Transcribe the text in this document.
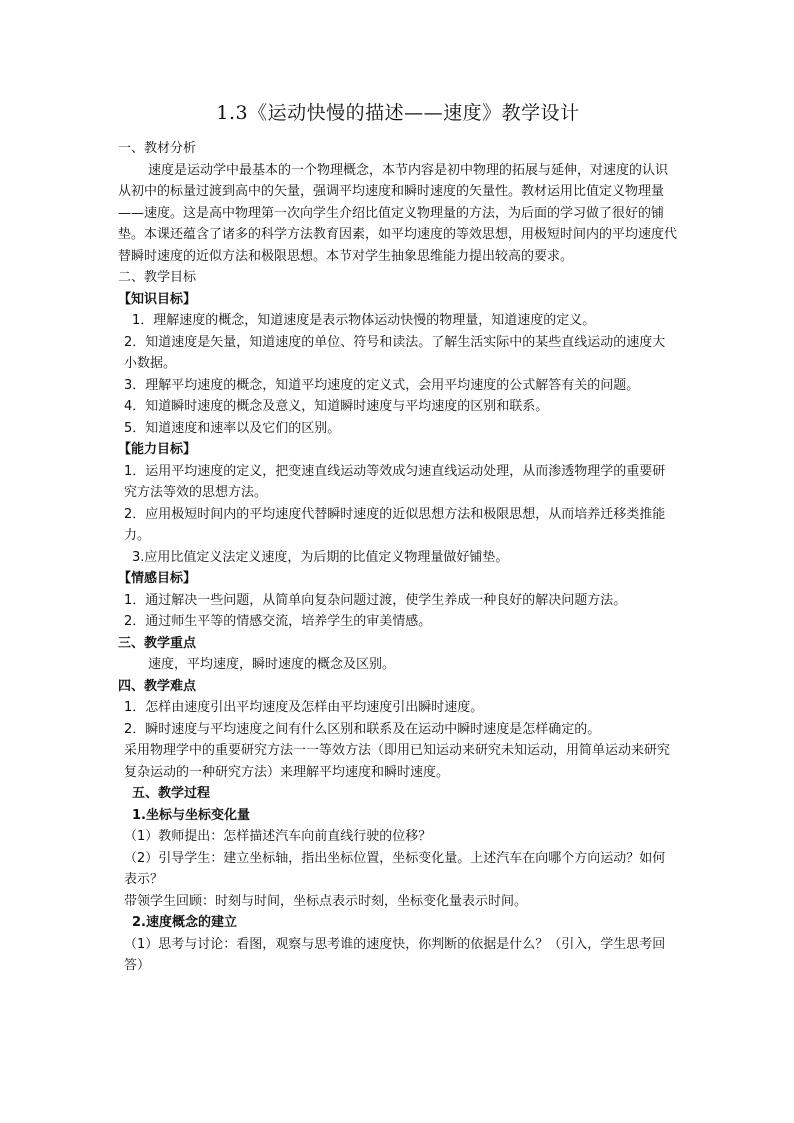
1.3《运动快慢的描述——速度》教学设计

一、教材分析

速度是运动学中最基本的一个物理概念，本节内容是初中物理的拓展与延伸，对速度的认识从初中的标量过渡到高中的矢量，强调平均速度和瞬时速度的矢量性。教材运用比值定义物理量——速度。这是高中物理第一次向学生介绍比值定义物理量的方法，为后面的学习做了很好的铺垫。本课还蕴含了诸多的科学方法教育因素，如平均速度的等效思想，用极短时间内的平均速度代替瞬时速度的近似方法和极限思想。本节对学生抽象思维能力提出较高的要求。

二、教学目标

【知识目标】

1．理解速度的概念，知道速度是表示物体运动快慢的物理量，知道速度的定义。

2．知道速度是矢量，知道速度的单位、符号和读法。了解生活实际中的某些直线运动的速度大小数据。

3．理解平均速度的概念，知道平均速度的定义式，会用平均速度的公式解答有关的问题。

4．知道瞬时速度的概念及意义，知道瞬时速度与平均速度的区别和联系。

5．知道速度和速率以及它们的区别。

【能力目标】

1．运用平均速度的定义，把变速直线运动等效成匀速直线运动处理，从而渗透物理学的重要研究方法等效的思想方法。

2．应用极短时间内的平均速度代替瞬时速度的近似思想方法和极限思想，从而培养迁移类推能力。

3.应用比值定义法定义速度，为后期的比值定义物理量做好铺垫。

【情感目标】

1．通过解决一些问题，从简单向复杂问题过渡，使学生养成一种良好的解决问题方法。

2．通过师生平等的情感交流，培养学生的审美情感。

三、教学重点

速度，平均速度，瞬时速度的概念及区别。

四、教学难点

1．怎样由速度引出平均速度及怎样由平均速度引出瞬时速度。

2．瞬时速度与平均速度之间有什么区别和联系及在运动中瞬时速度是怎样确定的。

采用物理学中的重要研究方法一一等效方法（即用已知运动来研究未知运动，用简单运动来研究复杂运动的一种研究方法）来理解平均速度和瞬时速度。

五、教学过程

1.坐标与坐标变化量

（1）教师提出：怎样描述汽车向前直线行驶的位移？

（2）引导学生：建立坐标轴，指出坐标位置，坐标变化量。上述汽车在向哪个方向运动？如何表示？

带领学生回顾：时刻与时间，坐标点表示时刻，坐标变化量表示时间。

2.速度概念的建立

（1）思考与讨论：看图，观察与思考谁的速度快，你判断的依据是什么？（引入，学生思考回答）
